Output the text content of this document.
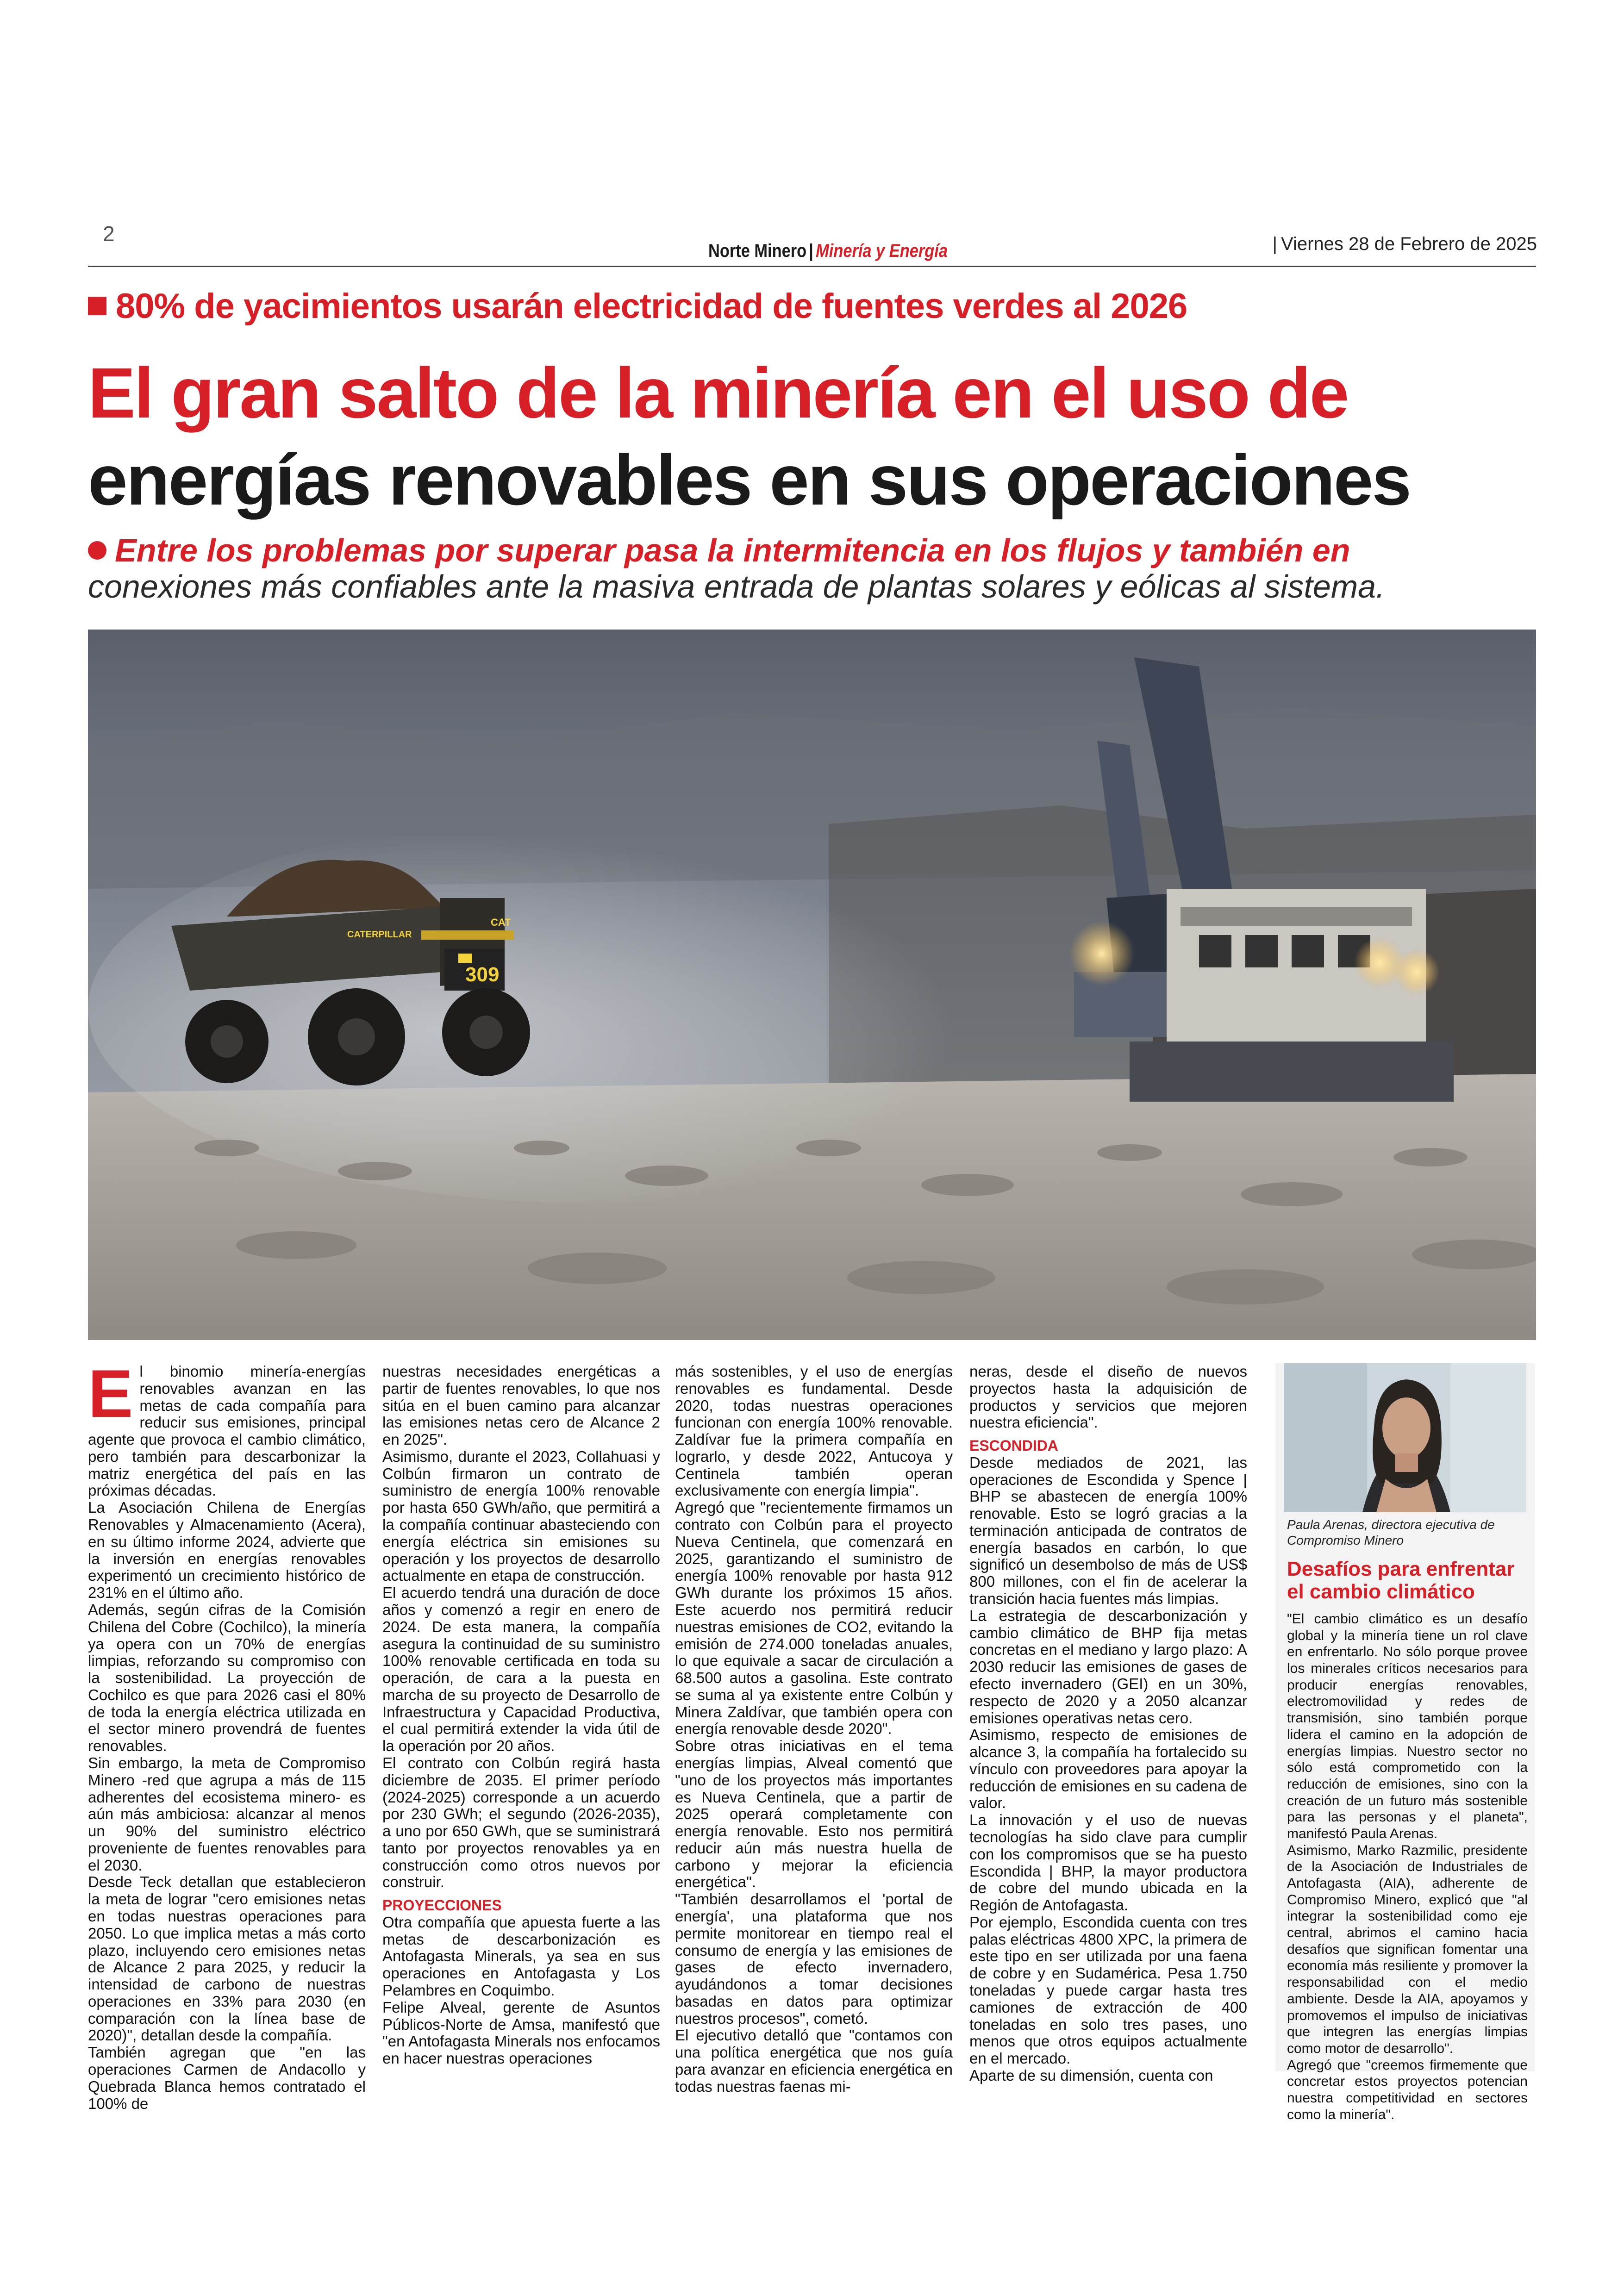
2
Norte Minero | Minería y Energía	| Viernes 28 de Febrero de 2025
80% de yacimientos usarán electricidad de fuentes verdes al 2026
El gran salto de la minería en el uso de
energías renovables en sus operaciones
Entre los problemas por superar pasa la intermitencia en los flujos y también en
conexiones más confiables ante la masiva entrada de plantas solares y eólicas al sistema.
309
CATERPILLAR
CAT
E l binomio minería-energías renovables avanzan en las metas de cada compañía para reducir sus emisiones, principal agente que provoca el cambio climático, pero también para descarbonizar la matriz energética del país en las próximas décadas.

La Asociación Chilena de Energías Renovables y Almacenamiento (Acera), en su último informe 2024, advierte que la inversión en energías renovables experimentó un crecimiento histórico de 231% en el último año.

Además, según cifras de la Comisión Chilena del Cobre (Cochilco), la minería ya opera con un 70% de energías limpias, reforzando su compromiso con la sostenibilidad. La proyección de Cochilco es que para 2026 casi el 80% de toda la energía eléctrica utilizada en el sector minero provendrá de fuentes renovables.

Sin embargo, la meta de Compromiso Minero -red que agrupa a más de 115 adherentes del ecosistema minero- es aún más ambiciosa: alcanzar al menos un 90% del suministro eléctrico proveniente de fuentes renovables para el 2030.

Desde Teck detallan que establecieron la meta de lograr "cero emisiones netas en todas nuestras operaciones para 2050. Lo que implica metas a más corto plazo, incluyendo cero emisiones netas de Alcance 2 para 2025, y reducir la intensidad de carbono de nuestras operaciones en 33% para 2030 (en comparación con la línea base de 2020)", detallan desde la compañía.

También agregan que "en las operaciones Carmen de Andacollo y Quebrada Blanca hemos contratado el 100% de

nuestras necesidades energéticas a partir de fuentes renovables, lo que nos sitúa en el buen camino para alcanzar las emisiones netas cero de Alcance 2 en 2025".

Asimismo, durante el 2023, Collahuasi y Colbún firmaron un contrato de suministro de energía 100% renovable por hasta 650 GWh/año, que permitirá a la compañía continuar abasteciendo con energía eléctrica sin emisiones su operación y los proyectos de desarrollo actualmente en etapa de construcción.

El acuerdo tendrá una duración de doce años y comenzó a regir en enero de 2024. De esta manera, la compañía asegura la continuidad de su suministro 100% renovable certificada en toda su operación, de cara a la puesta en marcha de su proyecto de Desarrollo de Infraestructura y Capacidad Productiva, el cual permitirá extender la vida útil de la operación por 20 años.

El contrato con Colbún regirá hasta diciembre de 2035. El primer período (2024-2025) corresponde a un acuerdo por 230 GWh; el segundo (2026-2035), a uno por 650 GWh, que se suministrará tanto por proyectos renovables ya en construcción como otros nuevos por construir.

PROYECCIONES

Otra compañía que apuesta fuerte a las metas de descarbonización es Antofagasta Minerals, ya sea en sus operaciones en Antofagasta y Los Pelambres en Coquimbo.

Felipe Alveal, gerente de Asuntos Públicos-Norte de Amsa, manifestó que "en Antofagasta Minerals nos enfocamos en hacer nuestras operaciones

más sostenibles, y el uso de energías renovables es fundamental. Desde 2020, todas nuestras operaciones funcionan con energía 100% renovable. Zaldívar fue la primera compañía en lograrlo, y desde 2022, Antucoya y Centinela también operan exclusivamente con energía limpia".

Agregó que "recientemente firmamos un contrato con Colbún para el proyecto Nueva Centinela, que comenzará en 2025, garantizando el suministro de energía 100% renovable por hasta 912 GWh durante los próximos 15 años. Este acuerdo nos permitirá reducir nuestras emisiones de CO2, evitando la emisión de 274.000 toneladas anuales, lo que equivale a sacar de circulación a 68.500 autos a gasolina. Este contrato se suma al ya existente entre Colbún y Minera Zaldívar, que también opera con energía renovable desde 2020".

Sobre otras iniciativas en el tema energías limpias, Alveal comentó que "uno de los proyectos más importantes es Nueva Centinela, que a partir de 2025 operará completamente con energía renovable. Esto nos permitirá reducir aún más nuestra huella de carbono y mejorar la eficiencia energética".

"También desarrollamos el 'portal de energía', una plataforma que nos permite monitorear en tiempo real el consumo de energía y las emisiones de gases de efecto invernadero, ayudándonos a tomar decisiones basadas en datos para optimizar nuestros procesos", cometó.

El ejecutivo detalló que "contamos con una política energética que nos guía para avanzar en eficiencia energética en todas nuestras faenas mi-

neras, desde el diseño de nuevos proyectos hasta la adquisición de productos y servicios que mejoren nuestra eficiencia".

ESCONDIDA

Desde mediados de 2021, las operaciones de Escondida y Spence | BHP se abastecen de energía 100% renovable. Esto se logró gracias a la terminación anticipada de contratos de energía basados en carbón, lo que significó un desembolso de más de US$ 800 millones, con el fin de acelerar la transición hacia fuentes más limpias.

La estrategia de descarbonización y cambio climático de BHP fija metas concretas en el mediano y largo plazo: A 2030 reducir las emisiones de gases de efecto invernadero (GEI) en un 30%, respecto de 2020 y a 2050 alcanzar emisiones operativas netas cero.

Asimismo, respecto de emisiones de alcance 3, la compañía ha fortalecido su vínculo con proveedores para apoyar la reducción de emisiones en su cadena de valor.

La innovación y el uso de nuevas tecnologías ha sido clave para cumplir con los compromisos que se ha puesto Escondida | BHP, la mayor productora de cobre del mundo ubicada en la Región de Antofagasta.

Por ejemplo, Escondida cuenta con tres palas eléctricas 4800 XPC, la primera de este tipo en ser utilizada por una faena de cobre y en Sudamérica. Pesa 1.750 toneladas y puede cargar hasta tres camiones de extracción de 400 toneladas en solo tres pases, uno menos que otros equipos actualmente en el mercado.

Aparte de su dimensión, cuenta con

Paula Arenas, directora ejecutiva de Compromiso Minero
Desafíos para enfrentar el cambio climático

"El cambio climático es un desafío global y la minería tiene un rol clave en enfrentarlo. No sólo porque provee los minerales críticos necesarios para producir energías renovables, electromovilidad y redes de transmisión, sino también porque lidera el camino en la adopción de energías limpias. Nuestro sector no sólo está comprometido con la reducción de emisiones, sino con la creación de un futuro más sostenible para las personas y el planeta", manifestó Paula Arenas.

Asimismo, Marko Razmilic, presidente de la Asociación de Industriales de Antofagasta (AIA), adherente de Compromiso Minero, explicó que "al integrar la sostenibilidad como eje central, abrimos el camino hacia desafíos que significan fomentar una economía más resiliente y promover la responsabilidad con el medio ambiente. Desde la AIA, apoyamos y promovemos el impulso de iniciativas que integren las energías limpias como motor de desarrollo".

Agregó que "creemos firmemente que concretar estos proyectos potencian nuestra competitividad en sectores como la minería".
